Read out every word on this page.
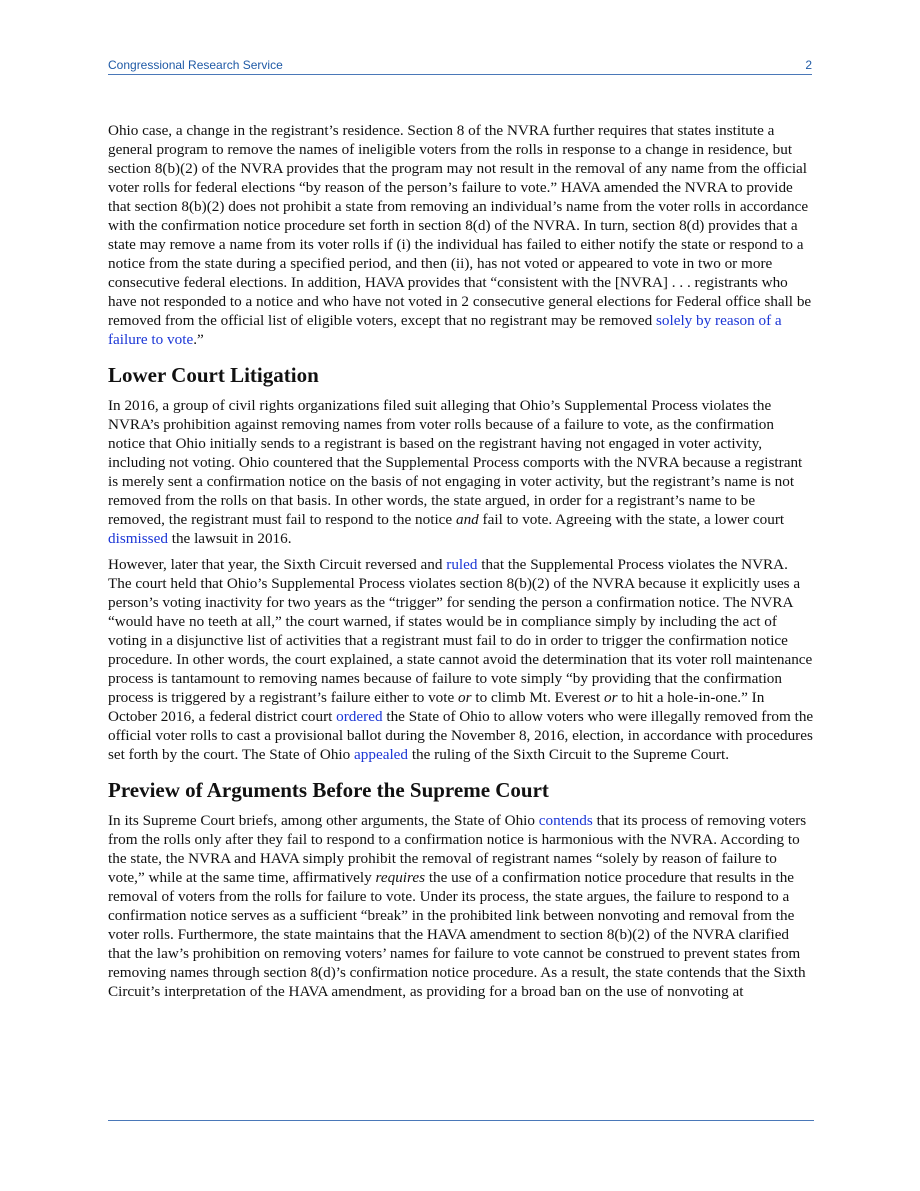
Congressional Research Service	2

Ohio case, a change in the registrant’s residence. Section 8 of the NVRA further requires that states institute a general program to remove the names of ineligible voters from the rolls in response to a change in residence, but section 8(b)(2) of the NVRA provides that the program may not result in the removal of any name from the official voter rolls for federal elections “by reason of the person’s failure to vote.” HAVA amended the NVRA to provide that section 8(b)(2) does not prohibit a state from removing an individual’s name from the voter rolls in accordance with the confirmation notice procedure set forth in section 8(d) of the NVRA. In turn, section 8(d) provides that a state may remove a name from its voter rolls if (i) the individual has failed to either notify the state or respond to a notice from the state during a specified period, and then (ii), has not voted or appeared to vote in two or more consecutive federal elections. In addition, HAVA provides that “consistent with the [NVRA] . . . registrants who have not responded to a notice and who have not voted in 2 consecutive general elections for Federal office shall be removed from the official list of eligible voters, except that no registrant may be removed solely by reason of a failure to vote.”

Lower Court Litigation

In 2016, a group of civil rights organizations filed suit alleging that Ohio’s Supplemental Process violates the NVRA’s prohibition against removing names from voter rolls because of a failure to vote, as the confirmation notice that Ohio initially sends to a registrant is based on the registrant having not engaged in voter activity, including not voting. Ohio countered that the Supplemental Process comports with the NVRA because a registrant is merely sent a confirmation notice on the basis of not engaging in voter activity, but the registrant’s name is not removed from the rolls on that basis. In other words, the state argued, in order for a registrant’s name to be removed, the registrant must fail to respond to the notice and fail to vote. Agreeing with the state, a lower court dismissed the lawsuit in 2016.

However, later that year, the Sixth Circuit reversed and ruled that the Supplemental Process violates the NVRA. The court held that Ohio’s Supplemental Process violates section 8(b)(2) of the NVRA because it explicitly uses a person’s voting inactivity for two years as the “trigger” for sending the person a confirmation notice. The NVRA “would have no teeth at all,” the court warned, if states would be in compliance simply by including the act of voting in a disjunctive list of activities that a registrant must fail to do in order to trigger the confirmation notice procedure. In other words, the court explained, a state cannot avoid the determination that its voter roll maintenance process is tantamount to removing names because of failure to vote simply “by providing that the confirmation process is triggered by a registrant’s failure either to vote or to climb Mt. Everest or to hit a hole-in-one.” In October 2016, a federal district court ordered the State of Ohio to allow voters who were illegally removed from the official voter rolls to cast a provisional ballot during the November 8, 2016, election, in accordance with procedures set forth by the court. The State of Ohio appealed the ruling of the Sixth Circuit to the Supreme Court.

Preview of Arguments Before the Supreme Court

In its Supreme Court briefs, among other arguments, the State of Ohio contends that its process of removing voters from the rolls only after they fail to respond to a confirmation notice is harmonious with the NVRA. According to the state, the NVRA and HAVA simply prohibit the removal of registrant names “solely by reason of failure to vote,” while at the same time, affirmatively requires the use of a confirmation notice procedure that results in the removal of voters from the rolls for failure to vote. Under its process, the state argues, the failure to respond to a confirmation notice serves as a sufficient “break” in the prohibited link between nonvoting and removal from the voter rolls. Furthermore, the state maintains that the HAVA amendment to section 8(b)(2) of the NVRA clarified that the law’s prohibition on removing voters’ names for failure to vote cannot be construed to prevent states from removing names through section 8(d)’s confirmation notice procedure. As a result, the state contends that the Sixth Circuit’s interpretation of the HAVA amendment, as providing for a broad ban on the use of nonvoting at
